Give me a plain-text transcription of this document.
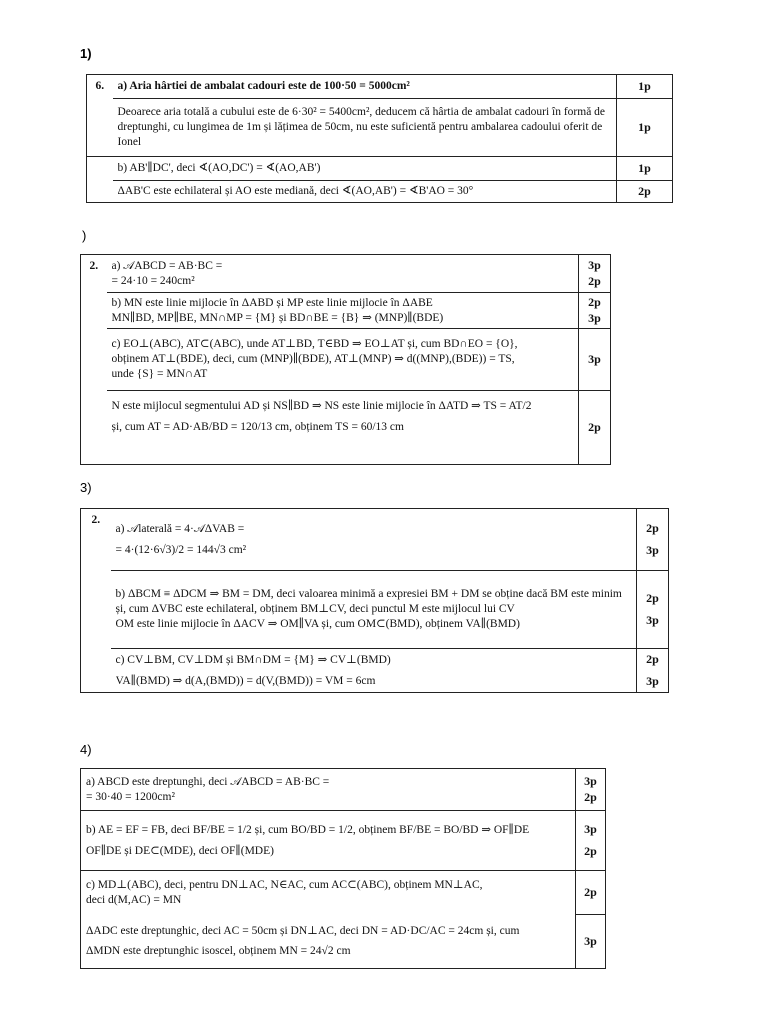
1)
)
3)
4)
6.	a) Aria hârtiei de ambalat cadouri este de 100·50 = 5000cm²	1p

	Deoarece aria totală a cubului este de 6·30² = 5400cm², deducem că hârtia de ambalat cadouri în formă de dreptunghi, cu lungimea de 1m și lățimea de 50cm, nu este suficientă pentru ambalarea cadoului oferit de Ionel	1p

	b) AB'∥DC', deci ∢(AO,DC') = ∢(AO,AB')	1p

	ΔAB'C este echilateral și AO este mediană, deci ∢(AO,AB') = ∢B'AO = 30°	2p
2.	a) 𝒜ABCD = AB·BC =
= 24·10 = 240cm²	3p
2p

	b) MN este linie mijlocie în ΔABD și MP este linie mijlocie în ΔABE
MN∥BD, MP∥BE, MN∩MP = {M} și BD∩BE = {B} ⇒ (MNP)∥(BDE)	2p
3p

	c) EO⊥(ABC), AT⊂(ABC), unde AT⊥BD, T∈BD ⇒ EO⊥AT și, cum BD∩EO = {O},
obținem AT⊥(BDE), deci, cum (MNP)∥(BDE), AT⊥(MNP) ⇒ d((MNP),(BDE)) = TS,
unde {S} = MN∩AT	3p

	N este mijlocul segmentului AD și NS∥BD ⇒ NS este linie mijlocie în ΔATD ⇒ TS = AT/2
și, cum AT = AD·AB/BD = 120/13 cm, obținem TS = 60/13 cm	2p
2.	a) 𝒜laterală = 4·𝒜ΔVAB =
= 4·(12·6√3)/2 = 144√3 cm²	2p
3p

	b) ΔBCM ≡ ΔDCM ⇒ BM = DM, deci valoarea minimă a expresiei BM + DM se obține dacă BM este minim și, cum ΔVBC este echilateral, obținem BM⊥CV, deci punctul M este mijlocul lui CV
OM este linie mijlocie în ΔACV ⇒ OM∥VA și, cum OM⊂(BMD), obținem VA∥(BMD)	2p
3p

	c) CV⊥BM, CV⊥DM și BM∩DM = {M} ⇒ CV⊥(BMD)
VA∥(BMD) ⇒ d(A,(BMD)) = d(V,(BMD)) = VM = 6cm	2p
3p
a) ABCD este dreptunghi, deci 𝒜ABCD = AB·BC =
= 30·40 = 1200cm²	3p
2p

b) AE = EF = FB, deci BF/BE = 1/2 și, cum BO/BD = 1/2, obținem BF/BE = BO/BD ⇒ OF∥DE
OF∥DE și DE⊂(MDE), deci OF∥(MDE)	3p
2p

c) MD⊥(ABC), deci, pentru DN⊥AC, N∈AC, cum AC⊂(ABC), obținem MN⊥AC,
deci d(M,AC) = MN	2p

ΔADC este dreptunghic, deci AC = 50cm și DN⊥AC, deci DN = AD·DC/AC = 24cm și, cum
ΔMDN este dreptunghic isoscel, obținem MN = 24√2 cm	3p
